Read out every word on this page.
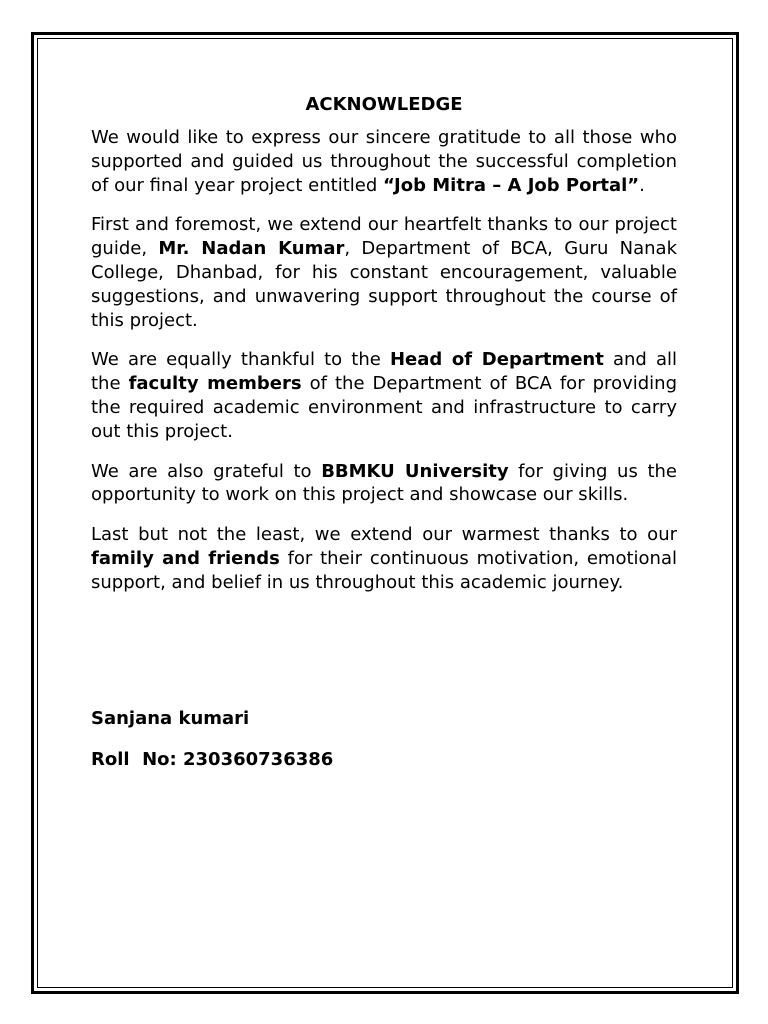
ACKNOWLEDGE

We would like to express our sincere gratitude to all those who supported and guided us throughout the successful completion of our final year project entitled “Job Mitra – A Job Portal”.

First and foremost, we extend our heartfelt thanks to our project guide, Mr. Nadan Kumar, Department of BCA, Guru Nanak College, Dhanbad, for his constant encouragement, valuable suggestions, and unwavering support throughout the course of this project.

We are equally thankful to the Head of Department and all the faculty members of the Department of BCA for providing the required academic environment and infrastructure to carry out this project.

We are also grateful to BBMKU University for giving us the opportunity to work on this project and showcase our skills.

Last but not the least, we extend our warmest thanks to our family and friends for their continuous motivation, emotional support, and belief in us throughout this academic journey.

Sanjana kumari

Roll  No: 230360736386
